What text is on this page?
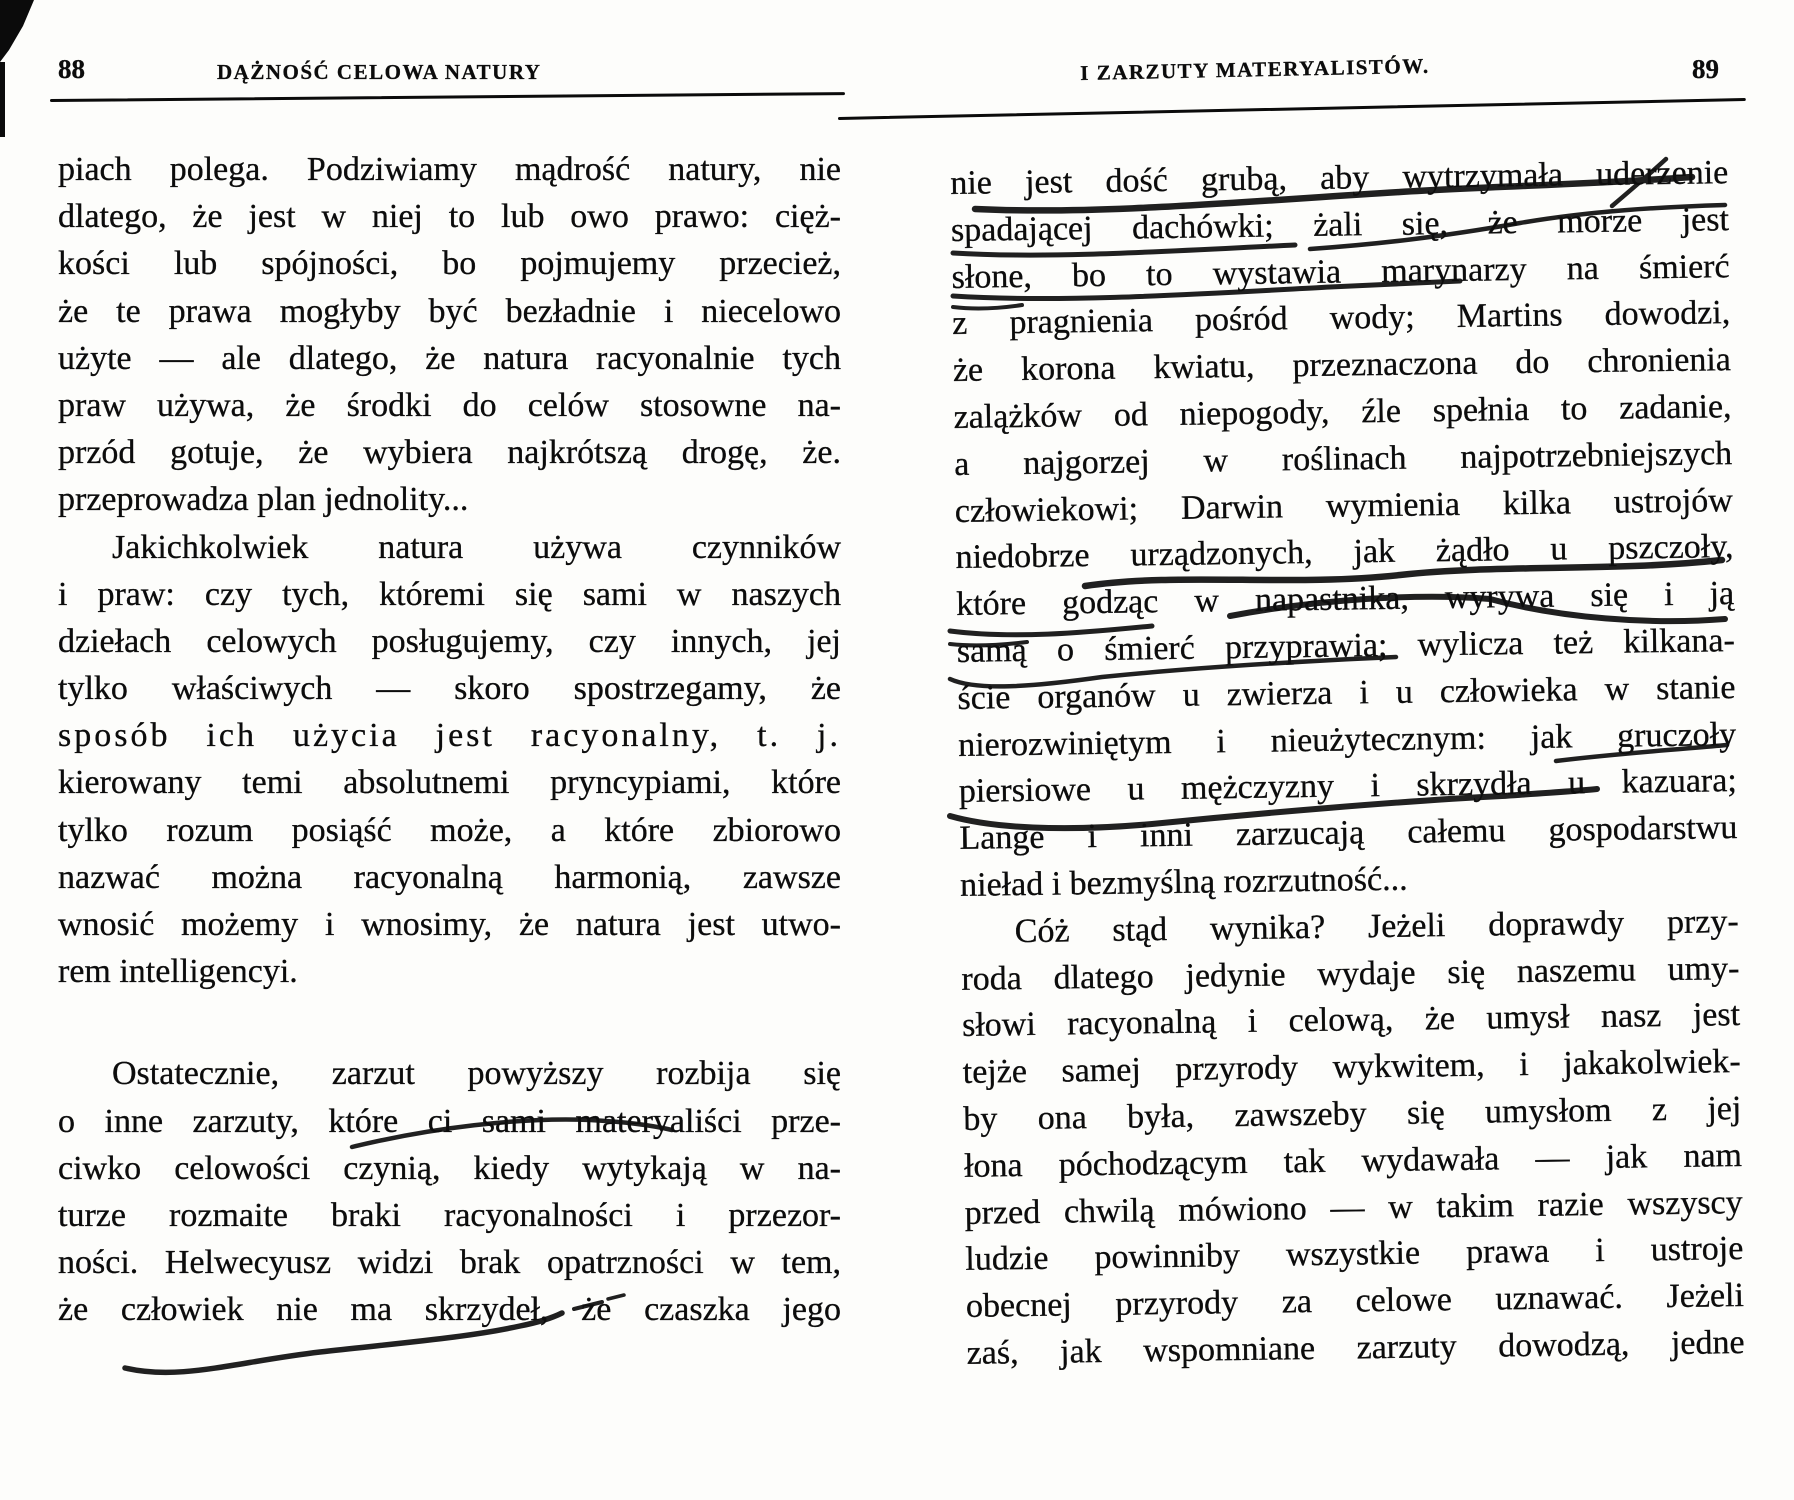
88	DĄŻNOŚĆ CELOWA NATURY
piach polega. Podziwiamy mądrość natury, nie
dlatego, że jest w niej to lub owo prawo: cięż-
kości lub spójności, bo pojmujemy przecież,
że te prawa mogłyby być bezładnie i niecelowo
użyte — ale dlatego, że natura racyonalnie tych
praw używa, że środki do celów stosowne na-
przód gotuje, że wybiera najkrótszą drogę, że.
przeprowadza plan jednolity...
Jakichkolwiek natura używa czynników
i praw: czy tych, któremi się sami w naszych
dziełach celowych posługujemy, czy innych, jej
tylko właściwych — skoro spostrzegamy, że
sposób ich użycia jest racyonalny, t. j.
kierowany temi absolutnemi pryncypiami, które
tylko rozum posiąść może, a które zbiorowo
nazwać można racyonalną harmonią, zawsze
wnosić możemy i wnosimy, że natura jest utwo-
rem intelligencyi.
Ostatecznie, zarzut powyższy rozbija się
o inne zarzuty, które ci sami materyaliści prze-
ciwko celowości czynią, kiedy wytykają w na-
turze rozmaite braki racyonalności i przezor-
ności. Helwecyusz widzi brak opatrzności w tem,
że człowiek nie ma skrzydeł, że czaszka jego
I ZARZUTY MATERYALISTÓW.	89
nie jest dość grubą, aby wytrzymała uderzenie
spadającej dachówki; żali się, że morze jest
słone, bo to wystawia marynarzy na śmierć
z pragnienia pośród wody; Martins dowodzi,
że korona kwiatu, przeznaczona do chronienia
zalążków od niepogody, źle spełnia to zadanie,
a najgorzej w roślinach najpotrzebniejszych
człowiekowi; Darwin wymienia kilka ustrojów
niedobrze urządzonych, jak żądło u pszczoły,
które godząc w napastnika, wyrywa się i ją
samą o śmierć przyprawia; wylicza też kilkana-
ście organów u zwierza i u człowieka w stanie
nierozwiniętym i nieużytecznym: jak gruczoły
piersiowe u mężczyzny i skrzydła u kazuara;
Lange i inni zarzucają całemu gospodarstwu
nieład i bezmyślną rozrzutność...
Cóż stąd wynika? Jeżeli doprawdy przy-
roda dlatego jedynie wydaje się naszemu umy-
słowi racyonalną i celową, że umysł nasz jest
tejże samej przyrody wykwitem, i jakakolwiek-
by ona była, zawszeby się umysłom z jej
łona póchodzącym tak wydawała — jak nam
przed chwilą mówiono — w takim razie wszyscy
ludzie powinniby wszystkie prawa i ustroje
obecnej przyrody za celowe uznawać. Jeżeli
zaś, jak wspomniane zarzuty dowodzą, jedne
